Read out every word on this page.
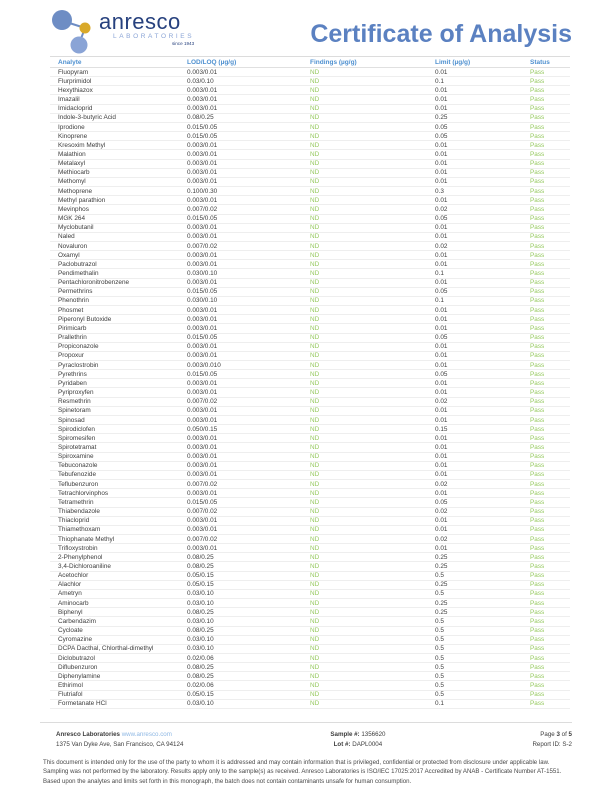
anresco
LABORATORIES
since 1943	Certificate of Analysis
Analyte	LOD/LOQ (µg/g)	Findings (µg/g)	Limit (µg/g)	Status
Fluopyram	0.003/0.01	ND	0.01	Pass
Flurprimidol	0.03/0.10	ND	0.1	Pass
Hexythiazox	0.003/0.01	ND	0.01	Pass
Imazalil	0.003/0.01	ND	0.01	Pass
Imidacloprid	0.003/0.01	ND	0.01	Pass
Indole-3-butyric Acid	0.08/0.25	ND	0.25	Pass
Iprodione	0.015/0.05	ND	0.05	Pass
Kinoprene	0.015/0.05	ND	0.05	Pass
Kresoxim Methyl	0.003/0.01	ND	0.01	Pass
Malathion	0.003/0.01	ND	0.01	Pass
Metalaxyl	0.003/0.01	ND	0.01	Pass
Methiocarb	0.003/0.01	ND	0.01	Pass
Methomyl	0.003/0.01	ND	0.01	Pass
Methoprene	0.100/0.30	ND	0.3	Pass
Methyl parathion	0.003/0.01	ND	0.01	Pass
Mevinphos	0.007/0.02	ND	0.02	Pass
MGK 264	0.015/0.05	ND	0.05	Pass
Myclobutanil	0.003/0.01	ND	0.01	Pass
Naled	0.003/0.01	ND	0.01	Pass
Novaluron	0.007/0.02	ND	0.02	Pass
Oxamyl	0.003/0.01	ND	0.01	Pass
Paclobutrazol	0.003/0.01	ND	0.01	Pass
Pendimethalin	0.030/0.10	ND	0.1	Pass
Pentachloronitrobenzene	0.003/0.01	ND	0.01	Pass
Permethrins	0.015/0.05	ND	0.05	Pass
Phenothrin	0.030/0.10	ND	0.1	Pass
Phosmet	0.003/0.01	ND	0.01	Pass
Piperonyl Butoxide	0.003/0.01	ND	0.01	Pass
Pirimicarb	0.003/0.01	ND	0.01	Pass
Prallethrin	0.015/0.05	ND	0.05	Pass
Propiconazole	0.003/0.01	ND	0.01	Pass
Propoxur	0.003/0.01	ND	0.01	Pass
Pyraclostrobin	0.003/0.010	ND	0.01	Pass
Pyrethrins	0.015/0.05	ND	0.05	Pass
Pyridaben	0.003/0.01	ND	0.01	Pass
Pyriproxyfen	0.003/0.01	ND	0.01	Pass
Resmethrin	0.007/0.02	ND	0.02	Pass
Spinetoram	0.003/0.01	ND	0.01	Pass
Spinosad	0.003/0.01	ND	0.01	Pass
Spirodiclofen	0.050/0.15	ND	0.15	Pass
Spiromesifen	0.003/0.01	ND	0.01	Pass
Spirotetramat	0.003/0.01	ND	0.01	Pass
Spiroxamine	0.003/0.01	ND	0.01	Pass
Tebuconazole	0.003/0.01	ND	0.01	Pass
Tebufenozide	0.003/0.01	ND	0.01	Pass
Teflubenzuron	0.007/0.02	ND	0.02	Pass
Tetrachlorvinphos	0.003/0.01	ND	0.01	Pass
Tetramethrin	0.015/0.05	ND	0.05	Pass
Thiabendazole	0.007/0.02	ND	0.02	Pass
Thiacloprid	0.003/0.01	ND	0.01	Pass
Thiamethoxam	0.003/0.01	ND	0.01	Pass
Thiophanate Methyl	0.007/0.02	ND	0.02	Pass
Trifloxystrobin	0.003/0.01	ND	0.01	Pass
2-Phenylphenol	0.08/0.25	ND	0.25	Pass
3,4-Dichloroaniline	0.08/0.25	ND	0.25	Pass
Acetochlor	0.05/0.15	ND	0.5	Pass
Alachlor	0.05/0.15	ND	0.25	Pass
Ametryn	0.03/0.10	ND	0.5	Pass
Aminocarb	0.03/0.10	ND	0.25	Pass
Biphenyl	0.08/0.25	ND	0.25	Pass
Carbendazim	0.03/0.10	ND	0.5	Pass
Cycloate	0.08/0.25	ND	0.5	Pass
Cyromazine	0.03/0.10	ND	0.5	Pass
DCPA Dacthal, Chlorthal-dimethyl	0.03/0.10	ND	0.5	Pass
Diclobutrazol	0.02/0.06	ND	0.5	Pass
Diflubenzuron	0.08/0.25	ND	0.5	Pass
Diphenylamine	0.08/0.25	ND	0.5	Pass
Ethirimol	0.02/0.06	ND	0.5	Pass
Flutriafol	0.05/0.15	ND	0.5	Pass
Formetanate HCl	0.03/0.10	ND	0.1	Pass
Anresco Laboratories www.anresco.com
1375 Van Dyke Ave, San Francisco, CA 94124
Sample #: 1356620
Lot #: DAPL0004
Page 3 of 5
Report ID: S-2
This document is intended only for the use of the party to whom it is addressed and may contain information that is privileged, confidential or protected from disclosure under applicable law. Sampling was not performed by the laboratory. Results apply only to the sample(s) as received. Anresco Laboratories is ISO/IEC 17025:2017 Accredited by ANAB - Certificate Number AT-1551. Based upon the analytes and limits set forth in this monograph, the batch does not contain contaminants unsafe for human consumption.
